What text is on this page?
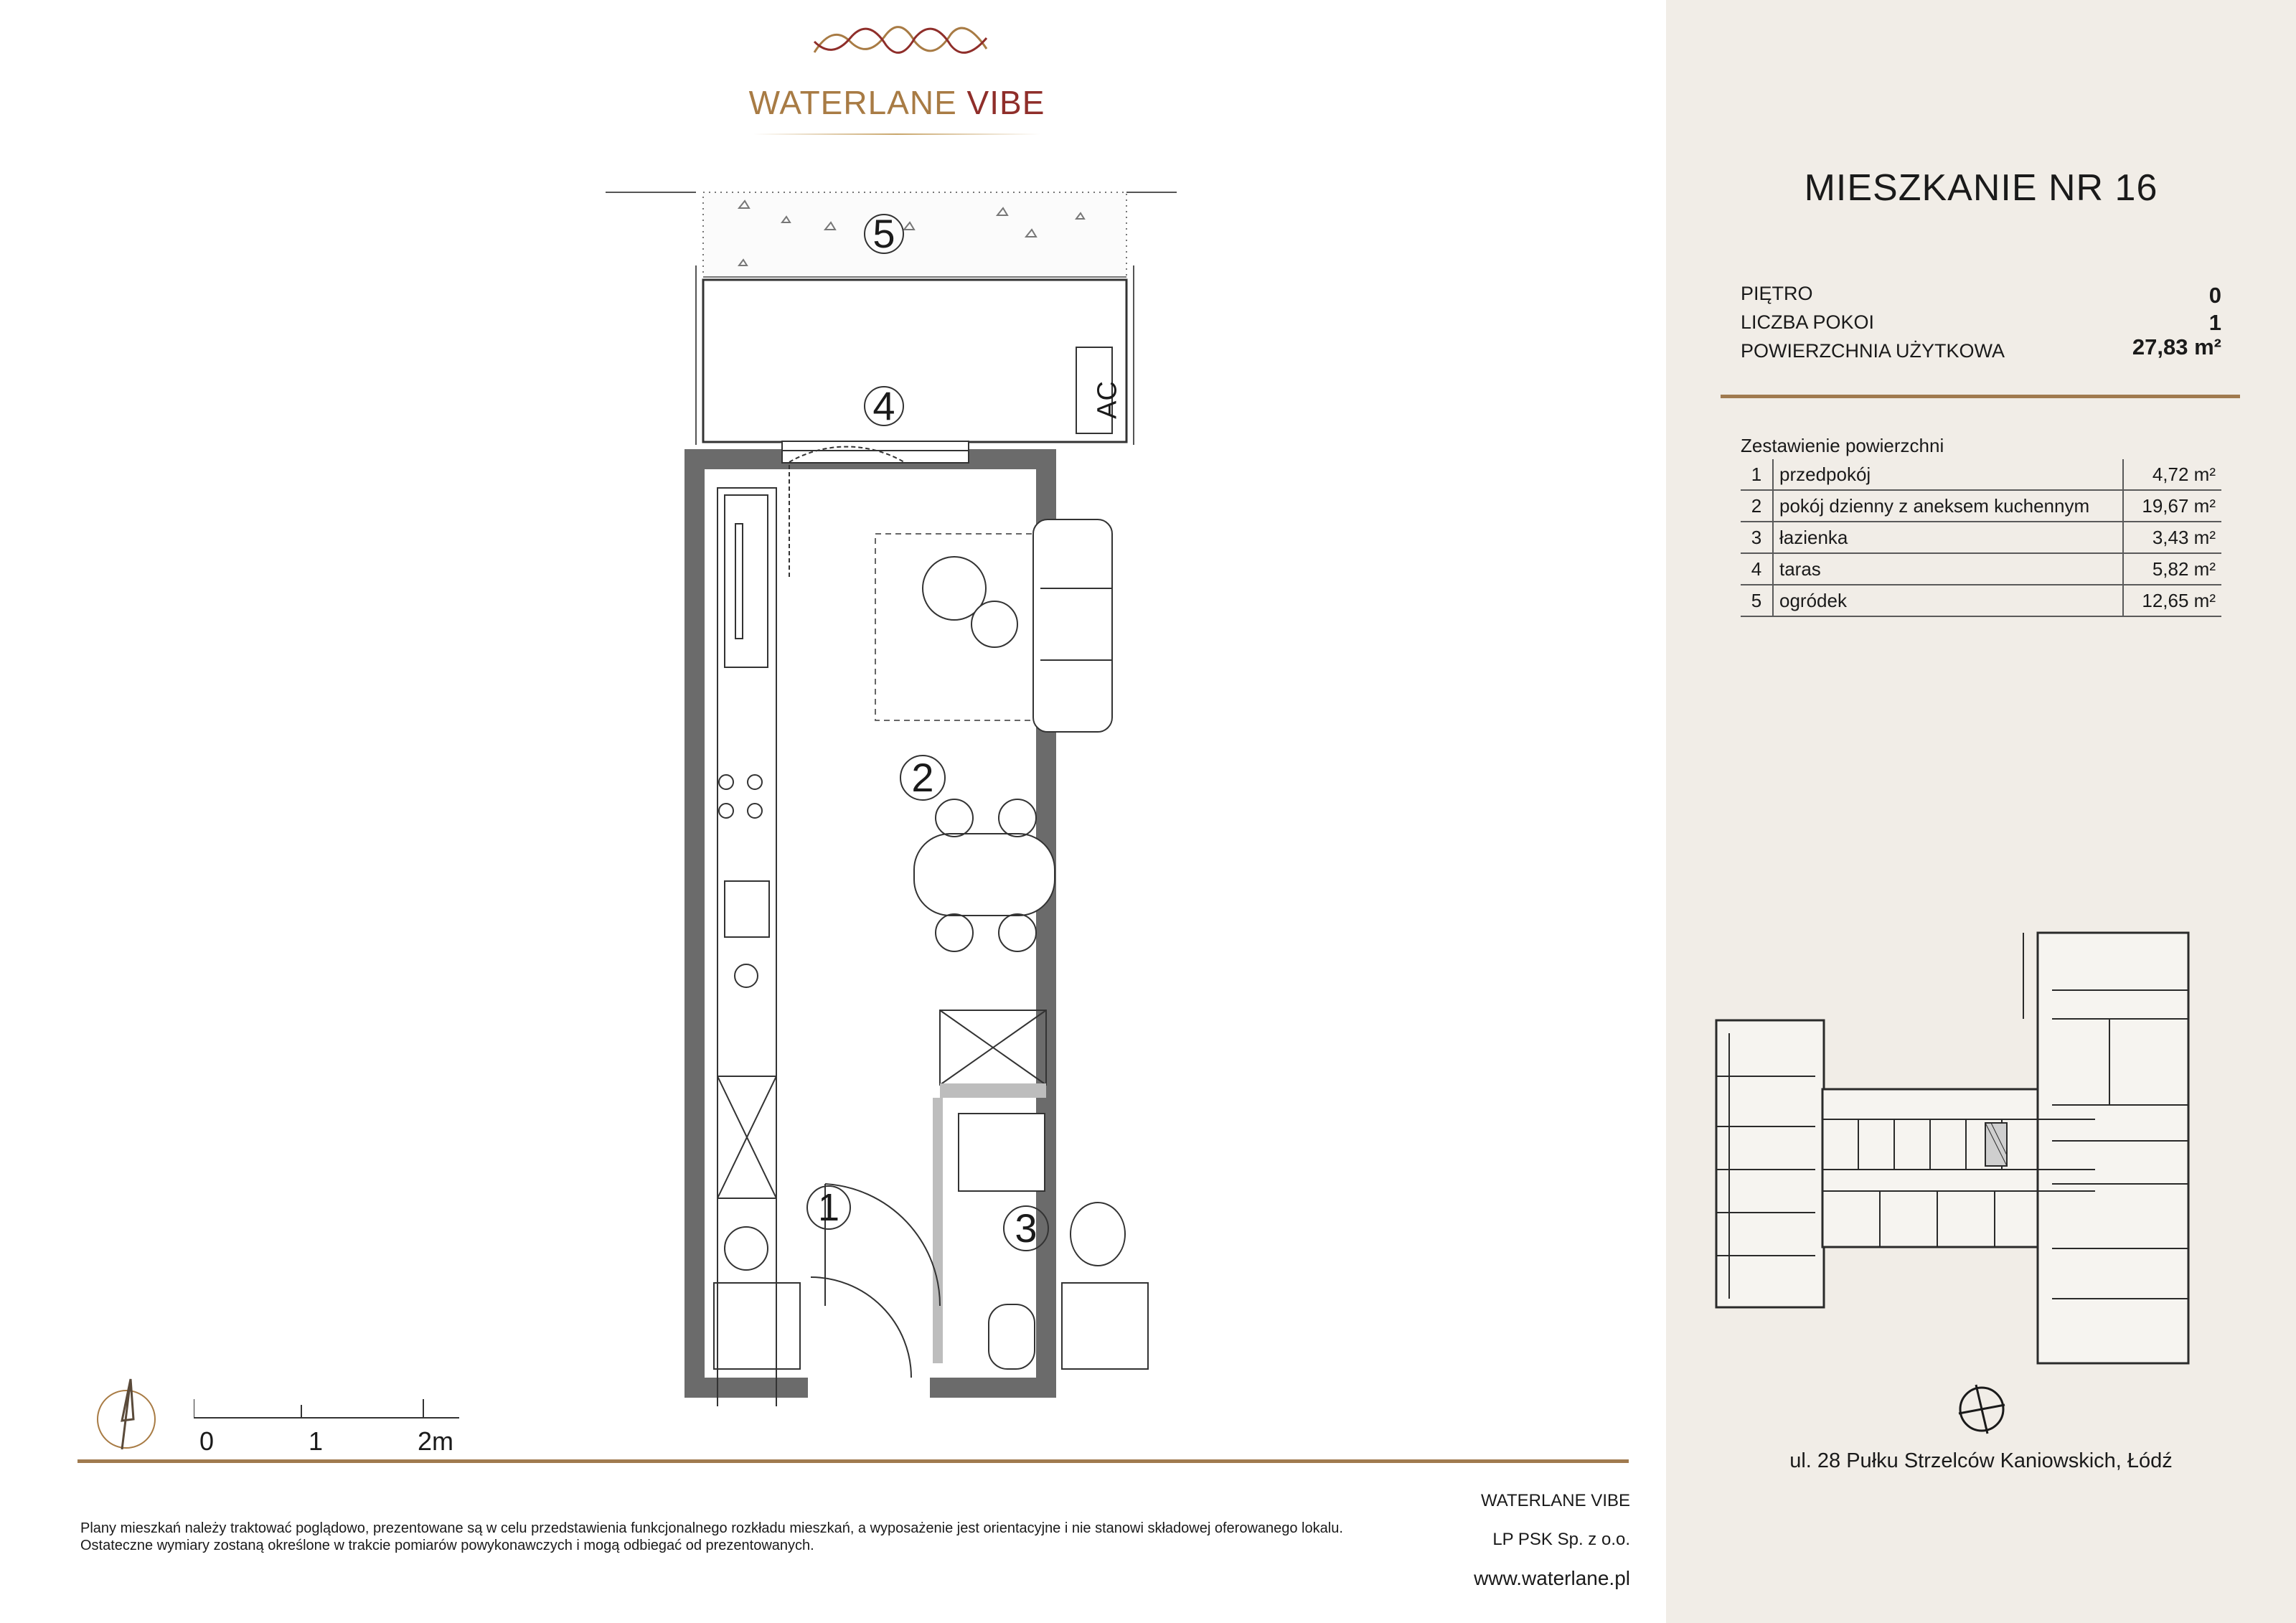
WATERLANE VIBE
5
4
2
1	3
AC
0	1	2m
Plany mieszkań należy traktować poglądowo, prezentowane są w celu przedstawienia funkcjonalnego rozkładu mieszkań, a wyposażenie jest orientacyjne i nie stanowi składowej oferowanego lokalu.
Ostateczne wymiary zostaną określone w trakcie pomiarów powykonawczych i mogą odbiegać od prezentowanych.
WATERLANE VIBE
LP PSK Sp. z o.o.
www.waterlane.pl
MIESZKANIE NR 16
PIĘTRO	0
LICZBA POKOI	1
POWIERZCHNIA UŻYTKOWA	27,83 m²
Zestawienie powierzchni
1	przedpokój	4,72 m²
2	pokój dzienny z aneksem kuchennym	19,67 m²
3	łazienka	3,43 m²
4	taras	5,82 m²
5	ogródek	12,65 m²
ul. 28 Pułku Strzelców Kaniowskich, Łódź
